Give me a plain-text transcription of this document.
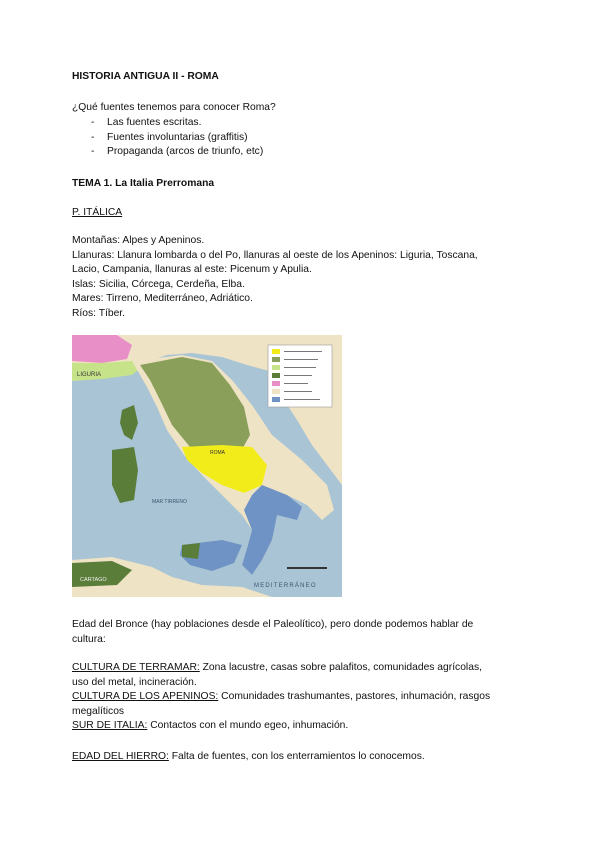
HISTORIA ANTIGUA II - ROMA
¿Qué fuentes tenemos para conocer Roma?
- Las fuentes escritas.
- Fuentes involuntarias (graffitis)
- Propaganda (arcos de triunfo, etc)
TEMA 1. La Italia Prerromana
P. ITÁLICA
Montañas: Alpes y Apeninos.
Llanuras: Llanura lombarda o del Po, llanuras al oeste de los Apeninos: Liguria, Toscana,
Lacio, Campania, llanuras al este: Picenum y Apulia.
Islas: Sicilia, Córcega, Cerdeña, Elba.
Mares: Tirreno, Mediterráneo, Adriático.
Ríos: Tíber.
LIGURIA
ROMA
MAR TIRRENO
MEDITERRÁNEO
CARTAGO
Edad del Bronce (hay poblaciones desde el Paleolítico), pero donde podemos hablar de
cultura:
CULTURA DE TERRAMAR: Zona lacustre, casas sobre palafitos, comunidades agrícolas,
uso del metal, incineración.
CULTURA DE LOS APENINOS: Comunidades trashumantes, pastores, inhumación, rasgos
megalíticos
SUR DE ITALIA: Contactos con el mundo egeo, inhumación.
EDAD DEL HIERRO: Falta de fuentes, con los enterramientos lo conocemos.
